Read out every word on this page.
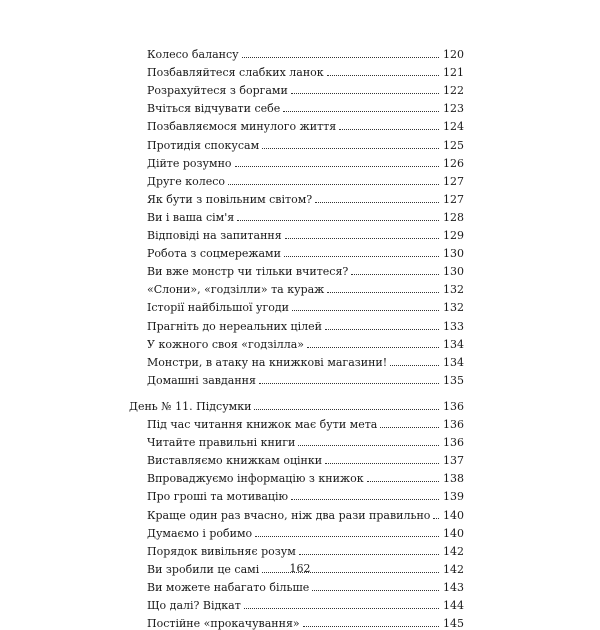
Колесо балансу	120
Позбавляйтеся слабких ланок	121
Розрахуйтеся з боргами	122
Вчіться відчувати себе	123
Позбавляємося минулого життя	124
Протидія спокусам	125
Дійте розумно	126
Друге колесо	127
Як бути з повільним світом?	127
Ви і ваша сім'я	128
Відповіді на запитання	129
Робота з соцмережами	130
Ви вже монстр чи тільки вчитеся?	130
«Слони», «годзілли» та кураж	132
Історії найбільшої угоди	132
Прагніть до нереальних цілей	133
У кожного своя «годзілла»	134
Монстри, в атаку на книжкові магазини!	134
Домашні завдання	135
День № 11. Підсумки	136
Під час читання книжок має бути мета	136
Читайте правильні книги	136
Виставляємо книжкам оцінки	137
Впроваджуємо інформацію з книжок	138
Про гроші та мотивацію	139
Краще один раз вчасно, ніж два рази правильно 140
Думаємо і робимо	140
Порядок вивільняє розум	142
Ви зробили це самі	142
Ви можете набагато більше	143
Що далі? Відкат	144
Постійне «прокачування»	145
162
